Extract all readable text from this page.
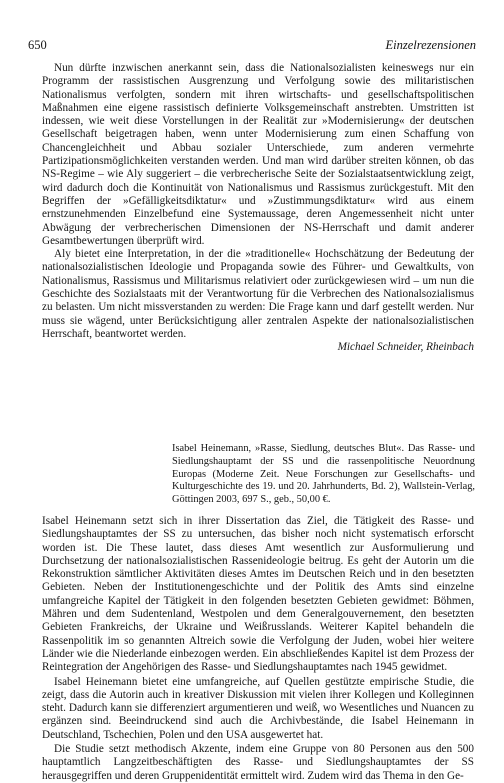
650	Einzelrezensionen

Nun dürfte inzwischen anerkannt sein, dass die Nationalsozialisten keineswegs nur ein Programm der rassistischen Ausgrenzung und Verfolgung sowie des militaristischen Nationalismus verfolgten, sondern mit ihren wirtschafts- und gesellschaftspolitischen Maßnahmen eine eigene rassistisch definierte Volksgemeinschaft anstrebten. Umstritten ist indessen, wie weit diese Vorstellungen in der Realität zur »Modernisierung« der deutschen Gesellschaft beigetragen haben, wenn unter Modernisierung zum einen Schaffung von Chancengleichheit und Abbau sozialer Unterschiede, zum anderen vermehrte Partizipationsmöglichkeiten verstanden werden. Und man wird darüber streiten können, ob das NS-Regime – wie Aly suggeriert – die verbrecherische Seite der Sozialstaatsentwicklung zeigt, wird dadurch doch die Kontinuität von Nationalismus und Rassismus zurückgestuft. Mit den Begriffen der »Gefälligkeitsdiktatur« und »Zustimmungsdiktatur« wird aus einem ernstzunehmenden Einzelbefund eine Systemaussage, deren Angemessenheit nicht unter Abwägung der verbrecherischen Dimensionen der NS-Herrschaft und damit anderer Gesamtbewertungen überprüft wird.

Aly bietet eine Interpretation, in der die »traditionelle« Hochschätzung der Bedeutung der nationalsozialistischen Ideologie und Propaganda sowie des Führer- und Gewaltkults, von Nationalismus, Rassismus und Militarismus relativiert oder zurückgewiesen wird – um nun die Geschichte des Sozialstaats mit der Verantwortung für die Verbrechen des Nationalsozialismus zu belasten. Um nicht missverstanden zu werden: Die Frage kann und darf gestellt werden. Nur muss sie wägend, unter Berücksichtigung aller zentralen Aspekte der nationalsozialistischen Herrschaft, beantwortet werden.

Michael Schneider, Rheinbach
Isabel Heinemann, »Rasse, Siedlung, deutsches Blut«. Das Rasse- und Siedlungshauptamt der SS und die rassenpolitische Neuordnung Europas (Moderne Zeit. Neue Forschungen zur Gesellschafts- und Kulturgeschichte des 19. und 20. Jahrhunderts, Bd. 2), Wallstein-Verlag, Göttingen 2003, 697 S., geb., 50,00 €.

Isabel Heinemann setzt sich in ihrer Dissertation das Ziel, die Tätigkeit des Rasse- und Siedlungshauptamtes der SS zu untersuchen, das bisher noch nicht systematisch erforscht worden ist. Die These lautet, dass dieses Amt wesentlich zur Ausformulierung und Durchsetzung der nationalsozialistischen Rassenideologie beitrug. Es geht der Autorin um die Rekonstruktion sämtlicher Aktivitäten dieses Amtes im Deutschen Reich und in den besetzten Gebieten. Neben der Institutionengeschichte und der Politik des Amts sind einzelne umfangreiche Kapitel der Tätigkeit in den folgenden besetzten Gebieten gewidmet: Böhmen, Mähren und dem Sudentenland, Westpolen und dem Generalgouvernement, den besetzten Gebieten Frankreichs, der Ukraine und Weißrusslands. Weiterer Kapitel behandeln die Rassenpolitik im so genannten Altreich sowie die Verfolgung der Juden, wobei hier weitere Länder wie die Niederlande einbezogen werden. Ein abschließendes Kapitel ist dem Prozess der Reintegration der Angehörigen des Rasse- und Siedlungshauptamtes nach 1945 gewidmet.

Isabel Heinemann bietet eine umfangreiche, auf Quellen gestützte empirische Studie, die zeigt, dass die Autorin auch in kreativer Diskussion mit vielen ihrer Kollegen und Kolleginnen steht. Dadurch kann sie differenziert argumentieren und weiß, wo Wesentliches und Nuancen zu ergänzen sind. Beeindruckend sind auch die Archivbestände, die Isabel Heinemann in Deutschland, Tschechien, Polen und den USA ausgewertet hat.

Die Studie setzt methodisch Akzente, indem eine Gruppe von 80 Personen aus den 500 hauptamtlich Langzeitbeschäftigten des Rasse- und Siedlungshauptamtes der SS herausgegriffen und deren Gruppenidentität ermittelt wird. Zudem wird das Thema in den Ge-
